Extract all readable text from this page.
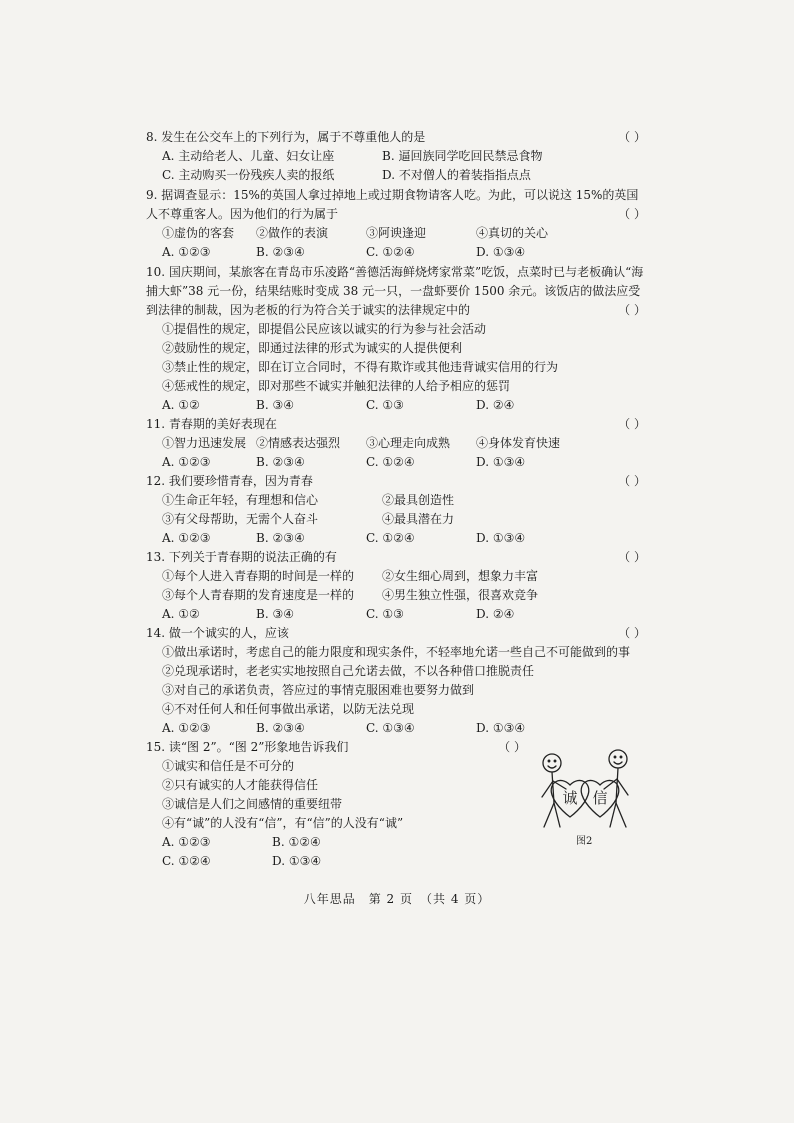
8. 发生在公交车上的下列行为，属于不尊重他人的是	（ ）
A. 主动给老人、儿童、妇女让座	B. 逼回族同学吃回民禁忌食物
C. 主动购买一份残疾人卖的报纸	D. 不对僧人的着装指指点点
9. 据调查显示：15%的英国人拿过掉地上或过期食物请客人吃。为此，可以说这 15%的英国人不尊重客人。因为他们的行为属于	（ ）
①虚伪的客套	②做作的表演	③阿谀逢迎	④真切的关心
A. ①②③	B. ②③④	C. ①②④	D. ①③④
10. 国庆期间，某旅客在青岛市乐凌路“善德活海鲜烧烤家常菜”吃饭，点菜时已与老板确认“海捕大虾”38 元一份，结果结账时变成 38 元一只，一盘虾要价 1500 余元。该饭店的做法应受到法律的制裁，因为老板的行为符合关于诚实的法律规定中的	（ ）
①提倡性的规定，即提倡公民应该以诚实的行为参与社会活动
②鼓励性的规定，即通过法律的形式为诚实的人提供便利
③禁止性的规定，即在订立合同时，不得有欺诈或其他违背诚实信用的行为
④惩戒性的规定，即对那些不诚实并触犯法律的人给予相应的惩罚
A. ①②	B. ③④	C. ①③	D. ②④
11. 青春期的美好表现在	（ ）
①智力迅速发展 ②情感表达强烈	③心理走向成熟	④身体发育快速
A. ①②③	B. ②③④	C. ①②④	D. ①③④
12. 我们要珍惜青春，因为青春	（ ）
①生命正年轻，有理想和信心	②最具创造性
③有父母帮助，无需个人奋斗	④最具潜在力
A. ①②③	B. ②③④	C. ①②④	D. ①③④
13. 下列关于青春期的说法正确的有	（ ）
①每个人进入青春期的时间是一样的	②女生细心周到，想象力丰富
③每个人青春期的发育速度是一样的	④男生独立性强，很喜欢竞争
A. ①②	B. ③④	C. ①③	D. ②④
14. 做一个诚实的人，应该	（ ）
①做出承诺时，考虑自己的能力限度和现实条件，不轻率地允诺一些自己不可能做到的事
②兑现承诺时，老老实实地按照自己允诺去做，不以各种借口推脱责任
③对自己的承诺负责，答应过的事情克服困难也要努力做到
④不对任何人和任何事做出承诺，以防无法兑现
A. ①②③	B. ②③④	C. ①③④	D. ①③④
15. 读“图 2”。“图 2”形象地告诉我们	（ ）
①诚实和信任是不可分的
②只有诚实的人才能获得信任
③诚信是人们之间感情的重要纽带
④有“诚”的人没有“信”，有“信”的人没有“诚”
A. ①②③	B. ①②④
C. ①②④	D. ①③④
诚 信
图2
八年思品　第 2 页　（共 4 页）
